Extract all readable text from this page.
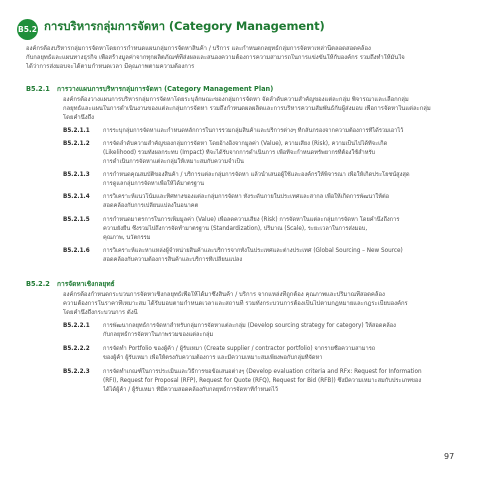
B5.2 การบริหารกลุ่มการจัดหา (Category Management)
องค์กรต้องบริหารกลุ่มการจัดหาโดยการกำหนดแผนกลุ่มการจัดหาสินค้า / บริการ และกำหนดกลยุทธ์กลุ่มการจัดหาเหล่านี้ตลอดสอดคล้อง
กับกลยุทธ์และแผนทางธุรกิจ เพื่อสร้างมูลค่าจากทุกผลิตภัณฑ์ที่ส่งผลและสนองความต้องการความสามารถในการแข่งขันให้กับองค์กร รวมถึงทำให้มั่นใจ
ได้ว่าการส่งมอบจะได้ตามกำหนดเวลา มีคุณภาพตามความต้องการ
B5.2.1 การวางแผนการบริหารกลุ่มการจัดหา (Category Management Plan)
องค์กรต้องวางแผนการบริหารกลุ่มการจัดหาโดยระบุลักษณะของกลุ่มการจัดหา จัดลำดับความสำคัญของแต่ละกลุ่ม พิจารณาและเลือกกลุ่ม
กลยุทธ์และแผนในการดำเนินงานของแต่ละกลุ่มการจัดหา รวมถึงกำหนดผลผลิตและการบริหารความสัมพันธ์กับผู้ส่งมอบ เพื่อการจัดหาในแต่ละกลุ่ม
โดยคำนึงถึง
B5.2.1.1 การระบุกลุ่มการจัดหาและกำหนดหลักการในการรวมกลุ่มสินค้าและบริการต่างๆ ที่กลั่นกรองจากความต้องการที่ได้รวมเอาไว้
B5.2.1.2 การจัดลำดับความสำคัญของกลุ่มการจัดหา โดยอ้างอิงจากมูลค่า (Value), ความเสี่ยง (Risk), ความเป็นไปได้ที่จะเกิด
(Likelihood) รวมทั้งผลกระทบ (Impact) ที่จะได้รับจากการดำเนินการ เพื่อที่จะกำหนดทรัพยากรที่ต้องใช้สำหรับ
การดำเนินการจัดหาแต่ละกลุ่มให้เหมาะสมกับความจำเป็น
B5.2.1.3 การกำหนดคุณสมบัติของสินค้า / บริการแต่ละกลุ่มการจัดหา แล้วนำเสนอผู้ใช้และองค์กรให้พิจารณา เพื่อให้เกิดประโยชน์สูงสุด
การดูแลกลุ่มการจัดหาเพื่อให้ได้มาตรฐาน
B5.2.1.4 การวิเคราะห์แนวโน้มและทิศทางของแต่ละกลุ่มการจัดหา ทั้งระดับภายในประเทศและสากล เพื่อให้เกิดการพัฒนาให้ต่อ
สอดคล้องกับการเปลี่ยนแปลงในอนาคต
B5.2.1.5 การกำหนดมาตรการในการเพิ่มมูลค่า (Value) เพื่อลดความเสี่ยง (Risk) การจัดหาในแต่ละกลุ่มการจัดหา โดยคำนึงถึงการ
ความยั่งยืน ซึ่งรวมไปถึงการจัดทำมาตรฐาน (Standardization), ปริมาณ (Scale), ระยะเวลาในการส่งมอบ,
คุณภาพ, นวัตกรรม
B5.2.1.6 การวิเคราะห์และหาแหล่งผู้จำหน่ายสินค้าและบริการจากทั้งในประเทศและต่างประเทศ (Global Sourcing – New Source)
สอดคล้องกับความต้องการสินค้าและบริการที่เปลี่ยนแปลง
B5.2.2 การจัดหาเชิงกลยุทธ์
องค์กรต้องกำหนดกระบวนการจัดหาเชิงกลยุทธ์เพื่อให้ได้มาซึ่งสินค้า / บริการ จากแหล่งที่ถูกต้อง คุณภาพและปริมาณที่สอดคล้อง
ความต้องการในราคาที่เหมาะสม ได้รับมอบตามกำหนดเวลาและสถานที่ รวมทั้งกระบวนการต้องเป็นไปตามกฎหมายและกฎระเบียบองค์กร
โดยคำนึงถึงกระบวนการ ดังนี้
B5.2.2.1 การพัฒนากลยุทธ์การจัดหาสำหรับกลุ่มการจัดหาแต่ละกลุ่ม (Develop sourcing strategy for category) ให้สอดคล้อง
กับกลยุทธ์การจัดหาในภาพรวมของแต่ละกลุ่ม
B5.2.2.2 การจัดทำ Portfolio ของผู้ค้า / ผู้รับเหมา (Create supplier / contractor portfolio) จากรายชื่อความสามารถ
ของผู้ค้า ผู้รับเหมา เพื่อให้ตรงกับความต้องการ และมีความเหมาะสมเพียงพอกับกลุ่มที่จัดหา
B5.2.2.3 การจัดทำเกณฑ์ในการประเมินและวิธีการขอข้อเสนอต่างๆ (Develop evaluation criteria and RFx: Request for Information
(RFI), Request for Proposal (RFP), Request for Quote (RFQ), Request for Bid (RFB)) ซึ่งมีความเหมาะสมกับประเภทของ
ได้ได้ผู้ค้า / ผู้รับเหมา ที่มีความสอดคล้องกับกลยุทธ์การจัดหาที่กำหนดไว้
97
